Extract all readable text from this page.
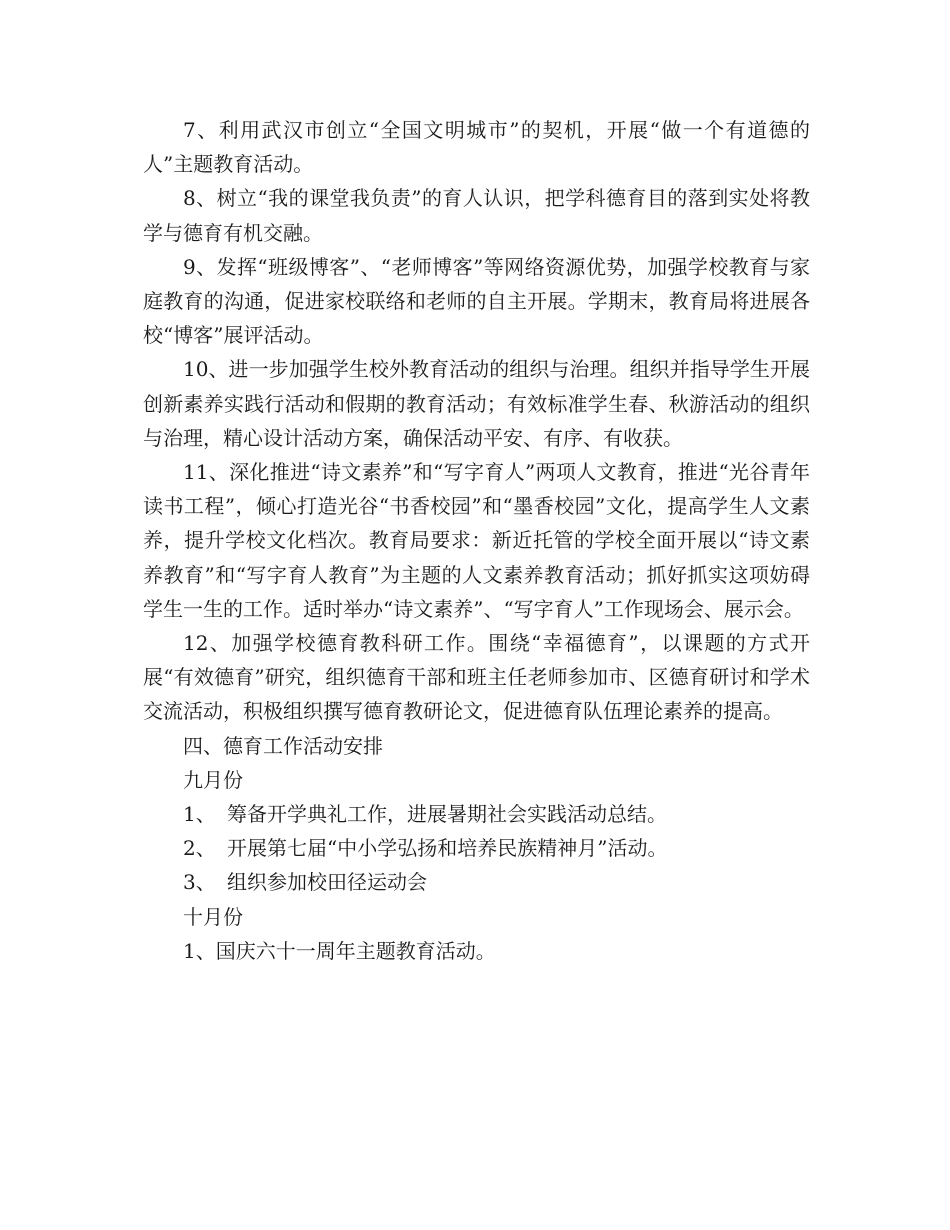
7、利用武汉市创立“全国文明城市”的契机，开展“做一个有道德的人”主题教育活动。

8、树立“我的课堂我负责”的育人认识，把学科德育目的落到实处将教学与德育有机交融。

9、发挥“班级博客”、“老师博客”等网络资源优势，加强学校教育与家庭教育的沟通，促进家校联络和老师的自主开展。学期末，教育局将进展各校“博客”展评活动。

10、进一步加强学生校外教育活动的组织与治理。组织并指导学生开展创新素养实践行活动和假期的教育活动；有效标准学生春、秋游活动的组织与治理，精心设计活动方案，确保活动平安、有序、有收获。

11、深化推进“诗文素养”和“写字育人”两项人文教育，推进“光谷青年读书工程”，倾心打造光谷“书香校园”和“墨香校园”文化，提高学生人文素养，提升学校文化档次。教育局要求：新近托管的学校全面开展以“诗文素养教育”和“写字育人教育”为主题的人文素养教育活动；抓好抓实这项妨碍学生一生的工作。适时举办“诗文素养”、“写字育人”工作现场会、展示会。

12、加强学校德育教科研工作。围绕“幸福德育”，以课题的方式开展“有效德育”研究，组织德育干部和班主任老师参加市、区德育研讨和学术交流活动，积极组织撰写德育教研论文，促进德育队伍理论素养的提高。

四、德育工作活动安排

九月份

1、 筹备开学典礼工作，进展暑期社会实践活动总结。

2、 开展第七届“中小学弘扬和培养民族精神月”活动。

3、 组织参加校田径运动会

十月份

1、国庆六十一周年主题教育活动。
